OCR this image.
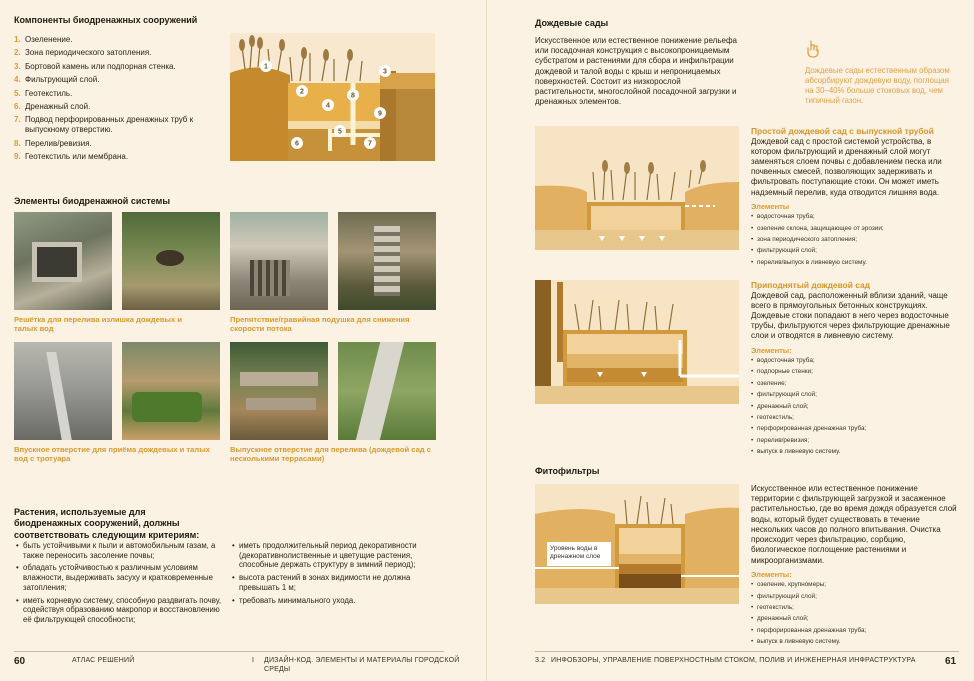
Компоненты биодренажных сооружений
1. Озеленение.
2. Зона периодического затопления.
3. Бортовой камень или подпорная стенка.
4. Фильтрующий слой.
5. Геотекстиль.
6. Дренажный слой.
7. Подвод перфорированных дренажных труб к выпускному отверстию.
8. Перелив/ревизия.
9. Геотекстиль или мембрана.
1
2
3
4
5
6	7
8
9
Элементы биодренажной системы
Решётка для перелива излишка дождевых и талых вод
Препятствие/гравийная подушка для снижения скорости потока
Впускное отверстие для приёма дождевых и талых вод с тротуара
Выпускное отверстие для перелива (дождевой сад с несколькими террасами)
Растения, используемые для биодренажных сооружений, должны соответствовать следующим критериям:
• быть устойчивыми к пыли и автомобильным газам, а также переносить засоление почвы;
• обладать устойчивостью к различным условиям влажности, выдерживать засуху и кратковременные затопления;
• иметь корневую систему, способную раздвигать почву, содействуя образованию макропор и восстановлению её фильтрующей способности;
• иметь продолжительный период декоративности (декоративнолиственные и цветущие растения, способные держать структуру в зимний период);
• высота растений в зонах видимости не должна превышать 1 м;
• требовать минимального ухода.
60	АТЛАС РЕШЕНИЙ	I ДИЗАЙН-КОД. ЭЛЕМЕНТЫ И МАТЕРИАЛЫ ГОРОДСКОЙ СРЕДЫ
Дождевые сады
Искусственное или естественное понижение рельефа или посадочная конструкция с высокопроницаемым субстратом и растениями для сбора и инфильтрации дождевой и талой воды с крыш и непроницаемых поверхностей. Состоит из низкорослой растительности, многослойной посадочной загрузки и дренажных элементов.
Дождевые сады естественным образом абсорбируют дождевую воду, поглощая на 30–40% больше стоковых вод, чем типичный газон.
Простой дождевой сад с выпускной трубой
Дождевой сад с простой системой устройства, в котором фильтрующий и дренажный слой могут заменяться слоем почвы с добавлением песка или почвенных смесей, позволяющих задерживать и фильтровать поступающие стоки. Он может иметь надземный перелив, куда отводится лишняя вода.
Элементы
• водосточная труба;
• озеление склона, защищающее от эрозии;
• зона периодического затопления;
• фильтрующий слой;
• перелив/выпуск в ливневую систему.
Приподнятый дождевой сад
Дождевой сад, расположенный вблизи зданий, чаще всего в прямоугольных бетонных конструкциях. Дождевые стоки попадают в него через водосточные трубы, фильтруются через фильтрующие дренажные слои и отводятся в ливневую систему.
Элементы:
• водосточная труба;
• подпорные стенки;
• озеление;
• фильтрующий слой;
• дренажный слой;
• геотекстиль;
• перфорированная дренажная труба;
• перелив/ревизия;
• выпуск в ливневую систему.
Фитофильтры
Уровень воды в дренажном слое
Искусственное или естественное понижение территории с фильтрующей загрузкой и засаженное растительностью, где во время дождя образуется слой воды, который будет существовать в течение нескольких часов до полного впитывания. Очистка происходит через фильтрацию, сорбцию, биологическое поглощение растениями и микроорганизмами.
Элементы:
• озеление, крупномеры;
• фильтрующий слой;
• геотекстиль;
• дренажный слой;
• перфорированная дренажная труба;
• выпуск в ливневую систему.
3.2 ИНФОБЗОРЫ, УПРАВЛЕНИЕ ПОВЕРХНОСТНЫМ СТОКОМ, ПОЛИВ И ИНЖЕНЕРНАЯ ИНФРАСТРУКТУРА	61
